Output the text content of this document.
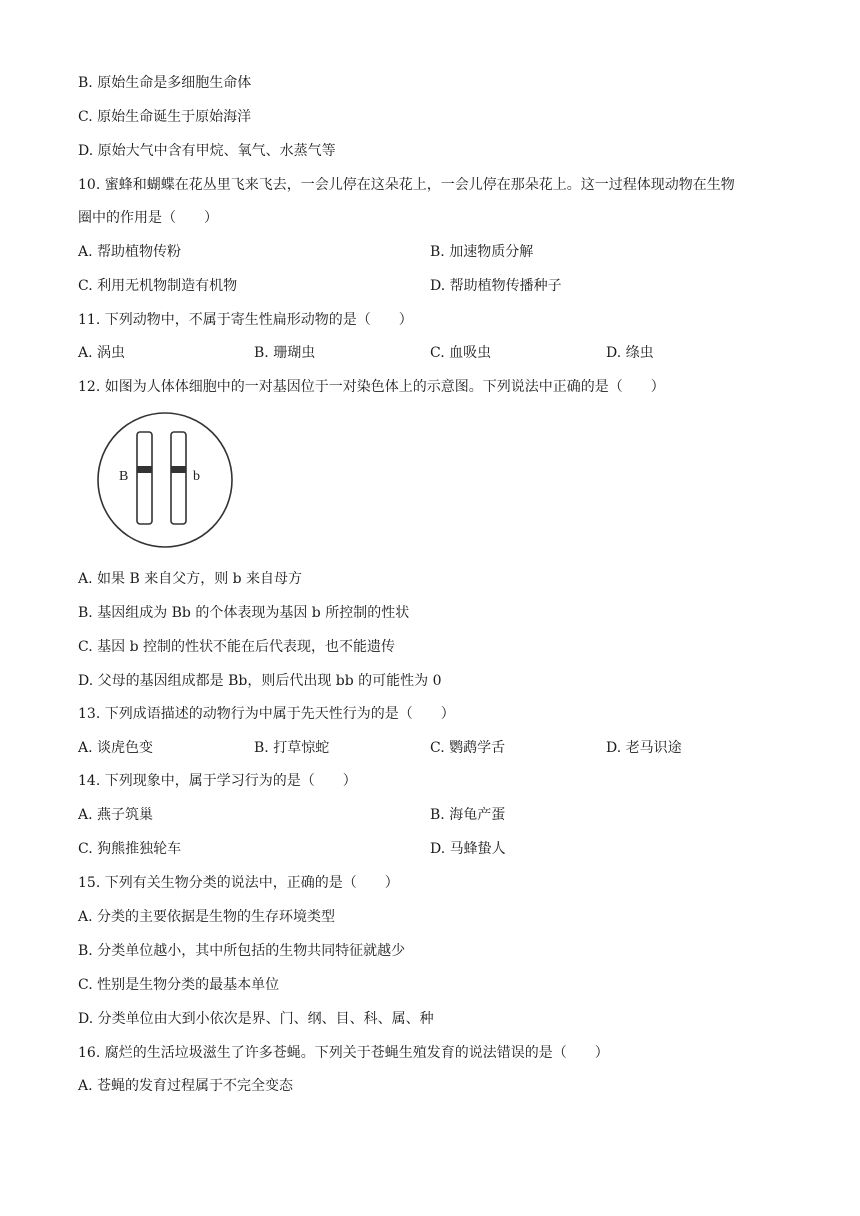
B. 原始生命是多细胞生命体
C. 原始生命诞生于原始海洋
D. 原始大气中含有甲烷、氧气、水蒸气等
10. 蜜蜂和蝴蝶在花丛里飞来飞去，一会儿停在这朵花上，一会儿停在那朵花上。这一过程体现动物在生物
圈中的作用是（　　）
A. 帮助植物传粉	B. 加速物质分解
C. 利用无机物制造有机物	D. 帮助植物传播种子
11. 下列动物中，不属于寄生性扁形动物的是（　　）
A. 涡虫	B. 珊瑚虫	C. 血吸虫	D. 绦虫
12. 如图为人体体细胞中的一对基因位于一对染色体上的示意图。下列说法中正确的是（　　）
B	b
A. 如果 B 来自父方，则 b 来自母方
B. 基因组成为 Bb 的个体表现为基因 b 所控制的性状
C. 基因 b 控制的性状不能在后代表现，也不能遗传
D. 父母的基因组成都是 Bb，则后代出现 bb 的可能性为 0
13. 下列成语描述的动物行为中属于先天性行为的是（　　）
A. 谈虎色变	B. 打草惊蛇	C. 鹦鹉学舌	D. 老马识途
14. 下列现象中，属于学习行为的是（　　）
A. 燕子筑巢	B. 海龟产蛋
C. 狗熊推独轮车	D. 马蜂蛰人
15. 下列有关生物分类的说法中，正确的是（　　）
A. 分类的主要依据是生物的生存环境类型
B. 分类单位越小，其中所包括的生物共同特征就越少
C. 性别是生物分类的最基本单位
D. 分类单位由大到小依次是界、门、纲、目、科、属、种
16. 腐烂的生活垃圾滋生了许多苍蝇。下列关于苍蝇生殖发育的说法错误的是（　　）
A. 苍蝇的发育过程属于不完全变态
